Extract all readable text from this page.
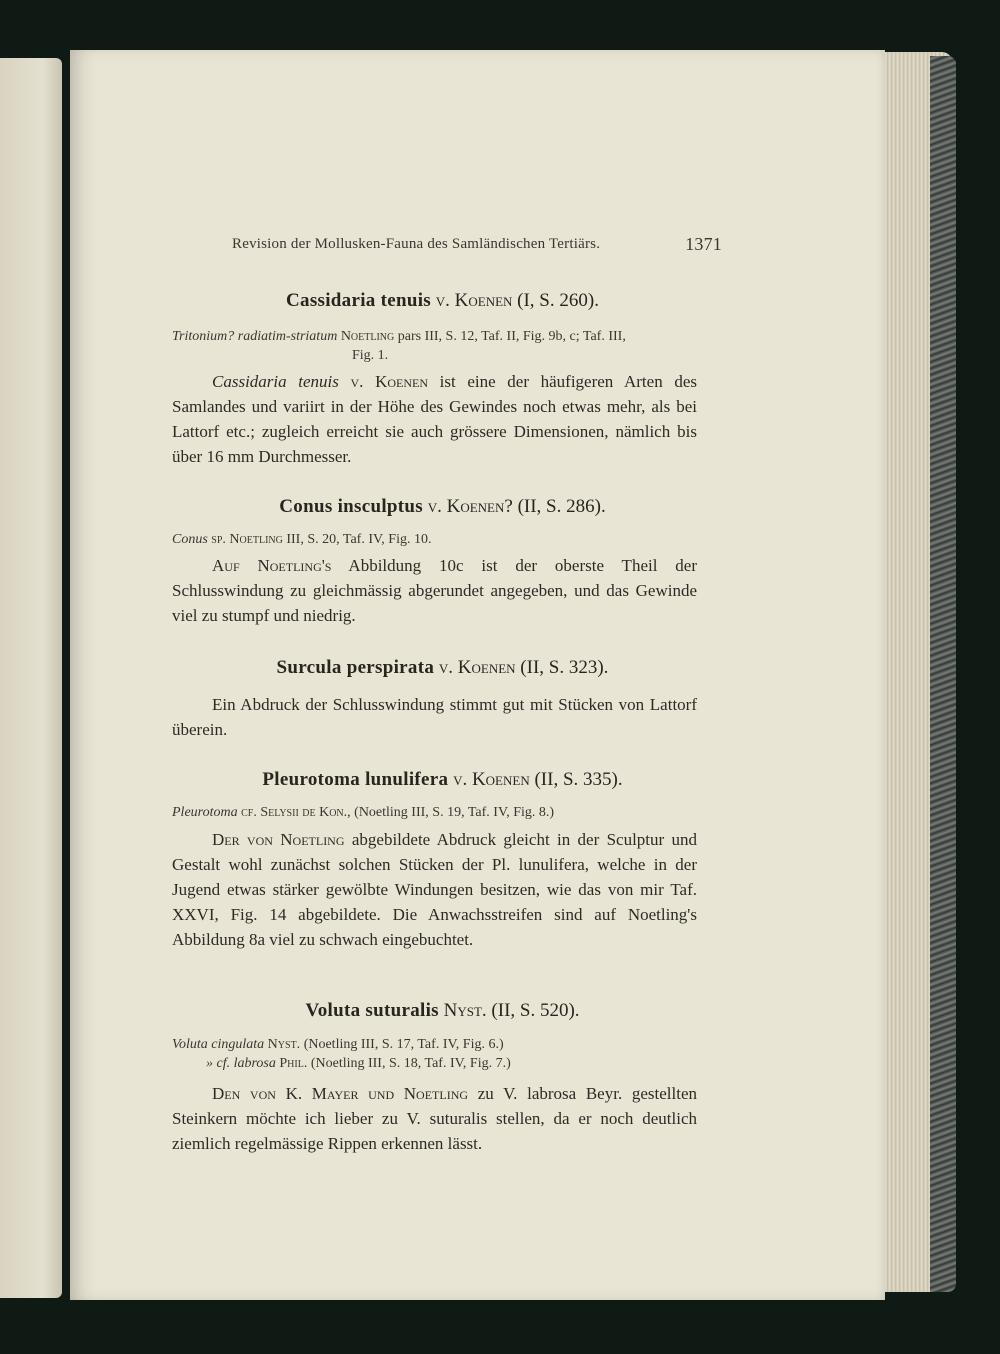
Revision der Mollusken-Fauna des Samländischen Tertiärs.	1371
Cassidaria tenuis v. Koenen (I, S. 260).
Tritonium? radiatim-striatum Noetling pars III, S. 12, Taf. II, Fig. 9b, c; Taf. III,
Fig. 1.
Cassidaria tenuis v. Koenen ist eine der häufigeren Arten des Samlandes und variirt in der Höhe des Gewindes noch etwas mehr, als bei Lattorf etc.; zugleich erreicht sie auch grössere Dimensionen, nämlich bis über 16 mm Durchmesser.
Conus insculptus v. Koenen? (II, S. 286).
Conus sp. Noetling III, S. 20, Taf. IV, Fig. 10.
Auf Noetling's Abbildung 10c ist der oberste Theil der Schlusswindung zu gleichmässig abgerundet angegeben, und das Gewinde viel zu stumpf und niedrig.
Surcula perspirata v. Koenen (II, S. 323).
Ein Abdruck der Schlusswindung stimmt gut mit Stücken von Lattorf überein.
Pleurotoma lunulifera v. Koenen (II, S. 335).
Pleurotoma cf. Selysii de Kon., (Noetling III, S. 19, Taf. IV, Fig. 8.)
Der von Noetling abgebildete Abdruck gleicht in der Sculptur und Gestalt wohl zunächst solchen Stücken der Pl. lunulifera, welche in der Jugend etwas stärker gewölbte Windungen besitzen, wie das von mir Taf. XXVI, Fig. 14 abgebildete. Die Anwachsstreifen sind auf Noetling's Abbildung 8a viel zu schwach eingebuchtet.
Voluta suturalis Nyst. (II, S. 520).
Voluta cingulata Nyst. (Noetling III, S. 17, Taf. IV, Fig. 6.)
» cf. labrosa Phil. (Noetling III, S. 18, Taf. IV, Fig. 7.)
Den von K. Mayer und Noetling zu V. labrosa Beyr. gestellten Steinkern möchte ich lieber zu V. suturalis stellen, da er noch deutlich ziemlich regelmässige Rippen erkennen lässt.
